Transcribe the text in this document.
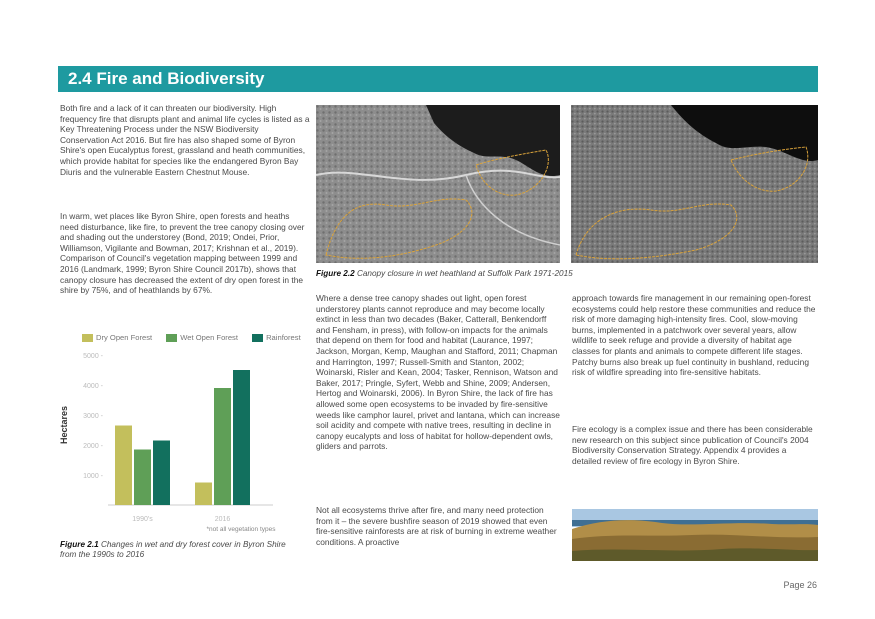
2.4 Fire and Biodiversity

Both fire and a lack of it can threaten our biodiversity. High frequency fire that disrupts plant and animal life cycles is listed as a Key Threatening Process under the NSW Biodiversity Conservation Act 2016. But fire has also shaped some of Byron Shire's open Eucalyptus forest, grassland and heath communities, which provide habitat for species like the endangered Byron Bay Diuris and the vulnerable Eastern Chestnut Mouse.

In warm, wet places like Byron Shire, open forests and heaths need disturbance, like fire, to prevent the tree canopy closing over and shading out the understorey (Bond, 2019; Ondei, Prior, Williamson, Vigilante and Bowman, 2017; Krishnan et al., 2019). Comparison of Council's vegetation mapping between 1999 and 2016 (Landmark, 1999; Byron Shire Council 2017b), shows that canopy closure has decreased the extent of dry open forest in the shire by 75%, and of heathlands by 67%.

Dry Open Forest	Wet Open Forest	Rainforest
Hectares
1000 -
2000 -
3000 -
4000 -
5000 -
1990's	2016
*not all vegetation types

Figure 2.1 Changes in wet and dry forest cover in Byron Shire from the 1990s to 2016

Figure 2.2 Canopy closure in wet heathland at Suffolk Park 1971-2015

Where a dense tree canopy shades out light, open forest understorey plants cannot reproduce and may become locally extinct in less than two decades (Baker, Catterall, Benkendorff and Fensham, in press), with follow-on impacts for the animals that depend on them for food and habitat (Laurance, 1997; Jackson, Morgan, Kemp, Maughan and Stafford, 2011; Chapman and Harrington, 1997; Russell-Smith and Stanton, 2002; Woinarski, Risler and Kean, 2004; Tasker, Rennison, Watson and Baker, 2017; Pringle, Syfert, Webb and Shine, 2009; Andersen, Hertog and Woinarski, 2006). In Byron Shire, the lack of fire has allowed some open ecosystems to be invaded by fire-sensitive weeds like camphor laurel, privet and lantana, which can increase soil acidity and compete with native trees, resulting in decline in canopy eucalypts and loss of habitat for hollow-dependent owls, gliders and parrots.

Not all ecosystems thrive after fire, and many need protection from it – the severe bushfire season of 2019 showed that even fire-sensitive rainforests are at risk of burning in extreme weather conditions. A proactive

approach towards fire management in our remaining open-forest ecosystems could help restore these communities and reduce the risk of more damaging high-intensity fires. Cool, slow-moving burns, implemented in a patchwork over several years, allow wildlife to seek refuge and provide a diversity of habitat age classes for plants and animals to compete different life stages. Patchy burns also break up fuel continuity in bushland, reducing risk of wildfire spreading into fire-sensitive habitats.

Fire ecology is a complex issue and there has been considerable new research on this subject since publication of Council's 2004 Biodiversity Conservation Strategy. Appendix 4 provides a detailed review of fire ecology in Byron Shire.

Page 26
